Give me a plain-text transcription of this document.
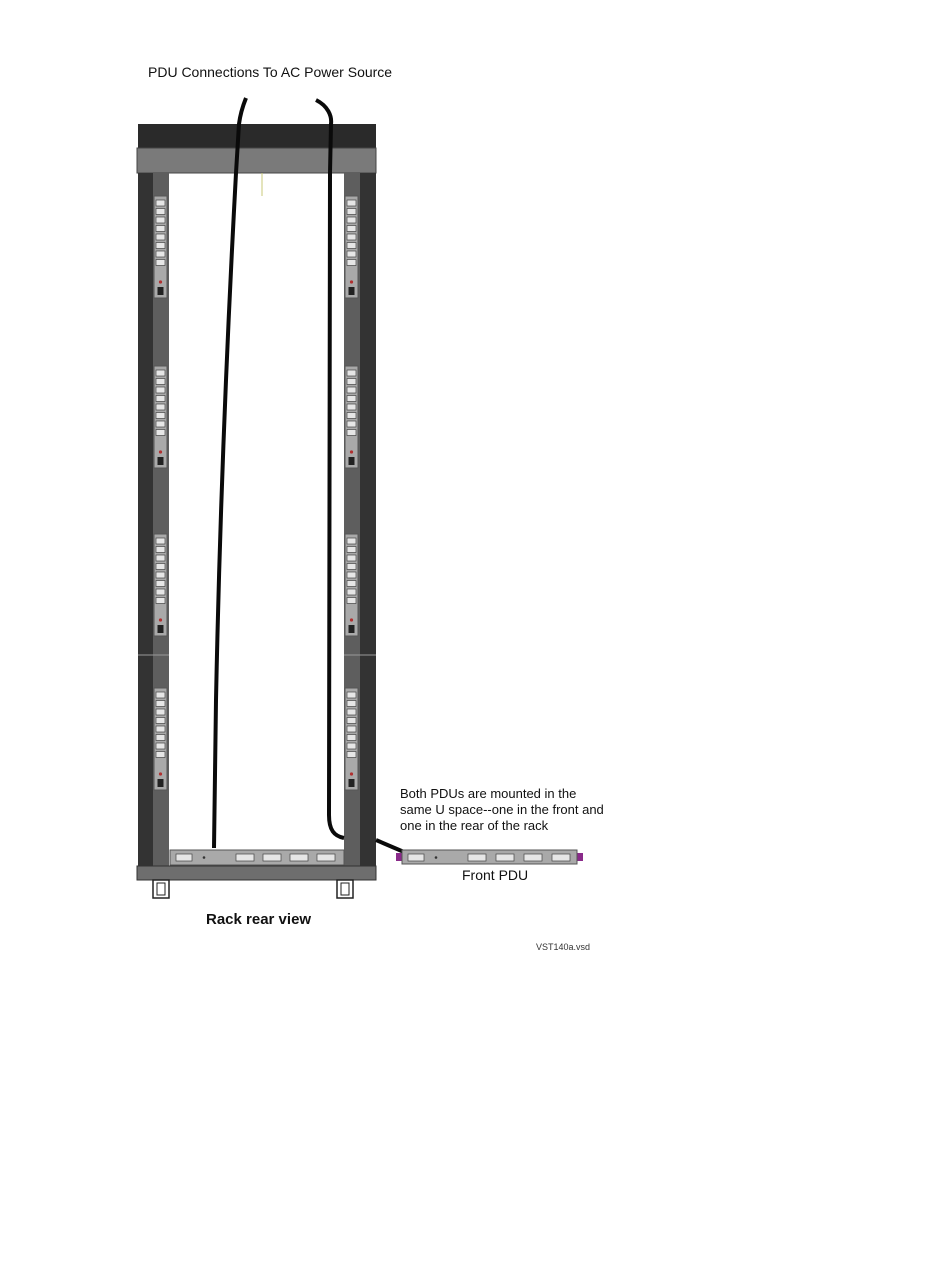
PDU Connections To AC Power Source
Both PDUs are mounted in the same U space--one in the front and one in the rear of the rack
Front PDU
Rack rear view
VST140a.vsd
